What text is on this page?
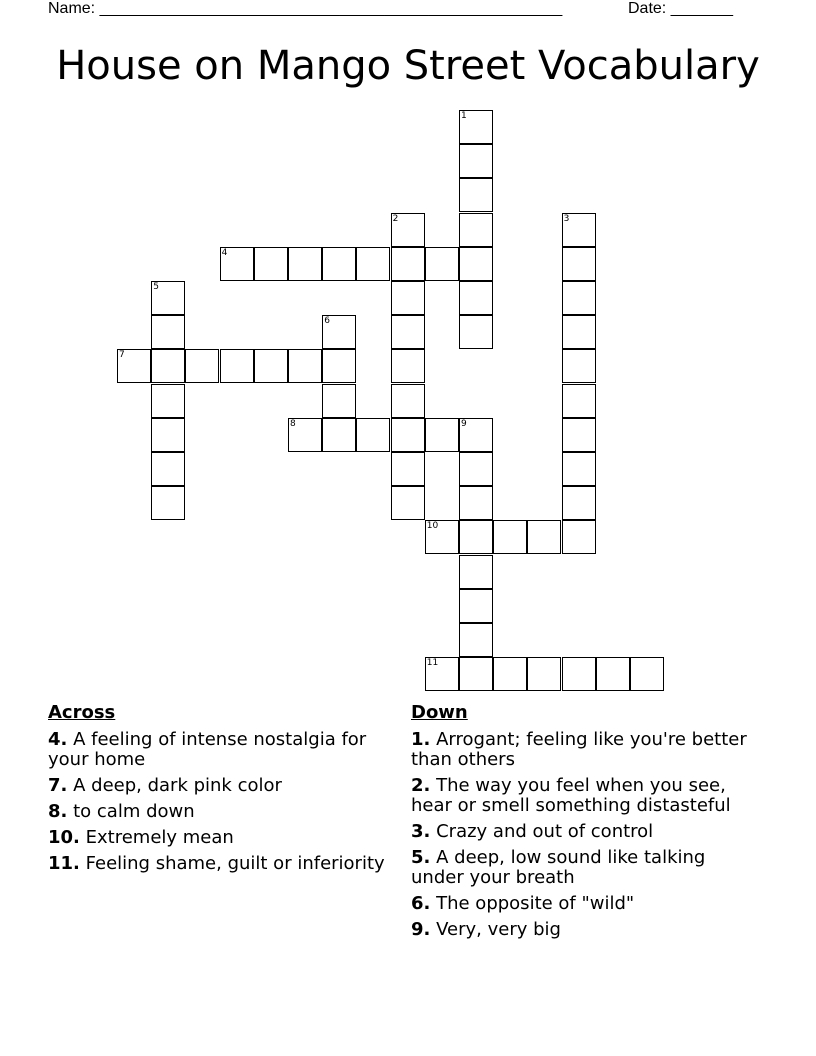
Name: ____________________________________________________	Date: _______
House on Mango Street Vocabulary
1
2	3
4
5
6
7
8	9
10
11
Across
4. A feeling of intense nostalgia for your home
7. A deep, dark pink color
8. to calm down
10. Extremely mean
11. Feeling shame, guilt or inferiority
Down
1. Arrogant; feeling like you're better than others
2. The way you feel when you see, hear or smell something distasteful
3. Crazy and out of control
5. A deep, low sound like talking under your breath
6. The opposite of "wild"
9. Very, very big
